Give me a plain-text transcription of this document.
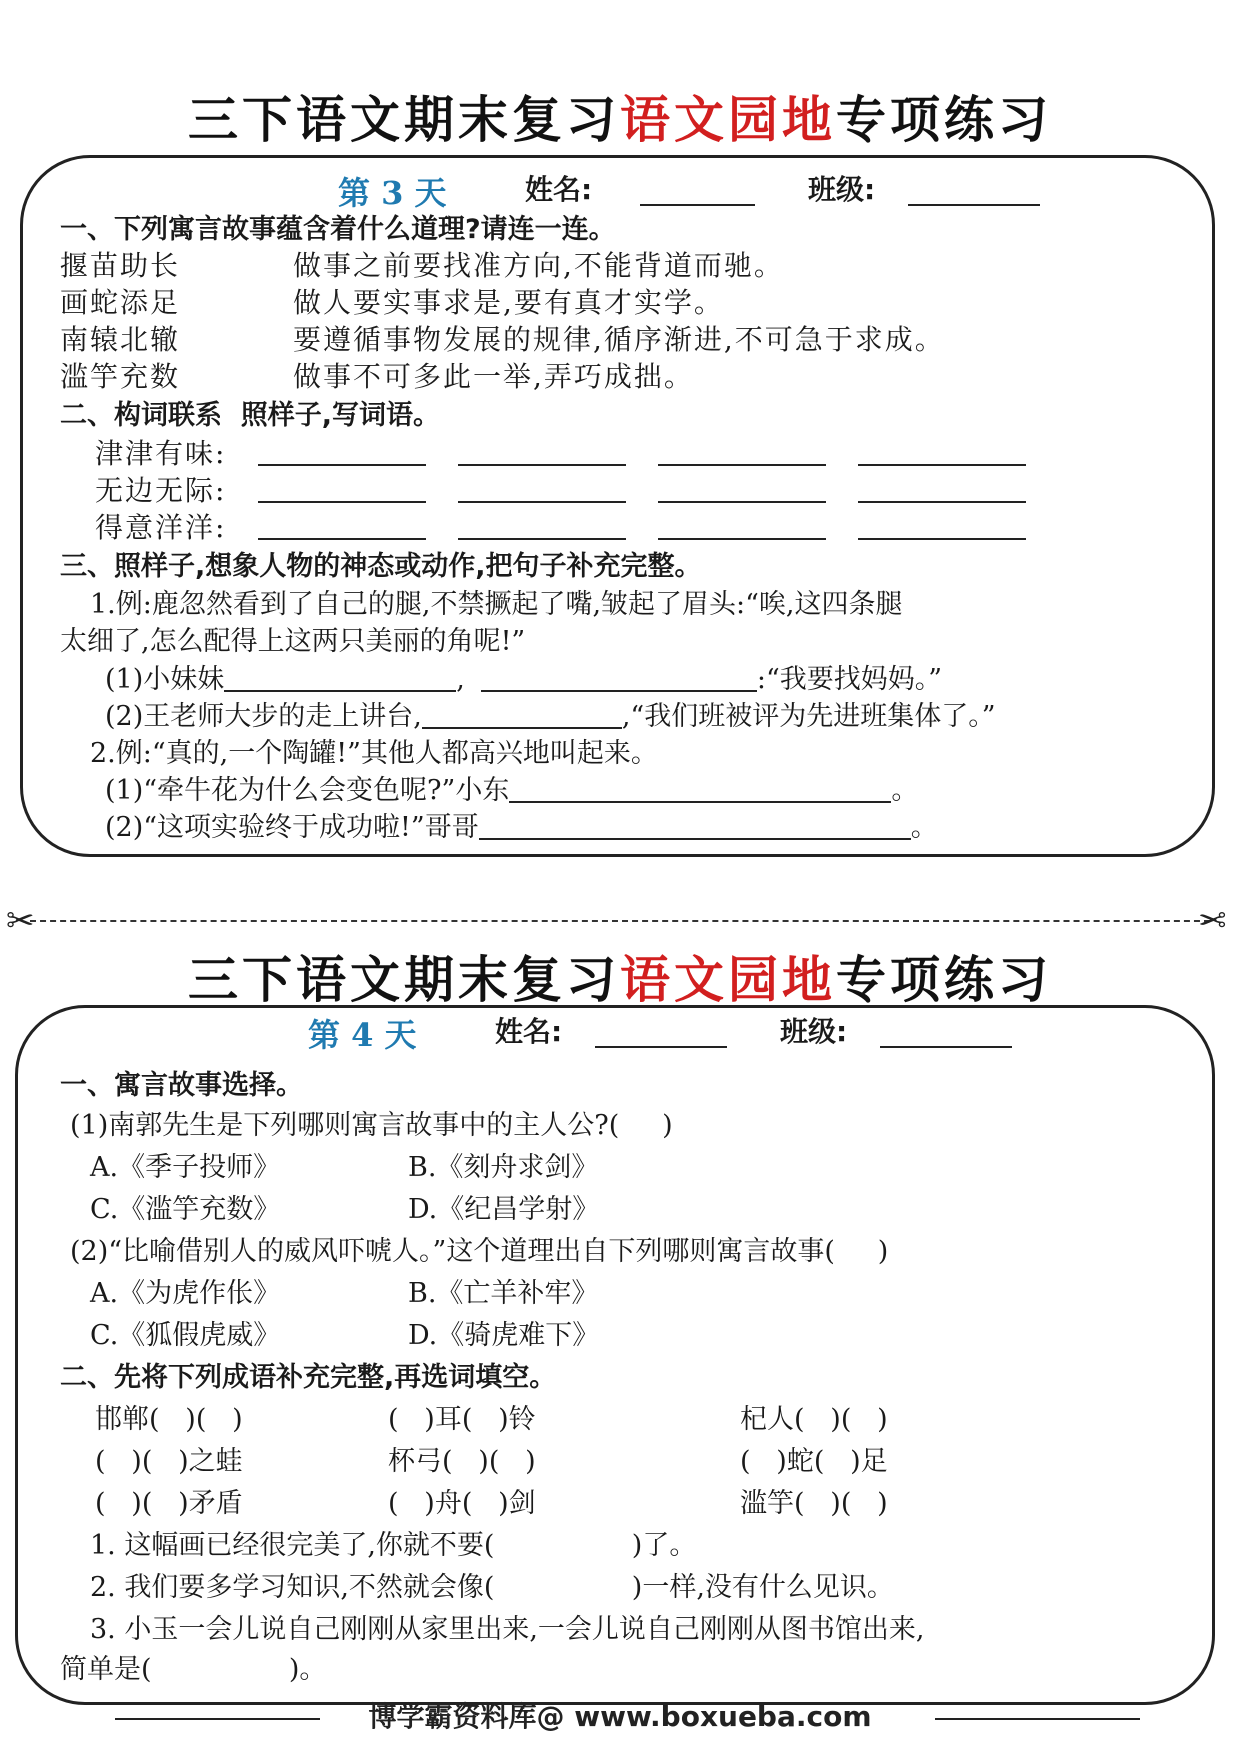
三下语文期末复习语文园地专项练习
第 3 天	姓名:	班级:
一、下列寓言故事蕴含着什么道理?请连一连。
揠苗助长	做事之前要找准方向,不能背道而驰。
画蛇添足	做人要实事求是,要有真才实学。
南辕北辙	要遵循事物发展的规律,循序渐进,不可急于求成。
滥竽充数	做事不可多此一举,弄巧成拙。
二、构词联系  照样子,写词语。
津津有味:
无边无际:
得意洋洋:
三、照样子,想象人物的神态或动作,把句子补充完整。
1.例:鹿忽然看到了自己的腿,不禁撅起了嘴,皱起了眉头:“唉,这四条腿
太细了,怎么配得上这两只美丽的角呢!”
(1)小妹妹	,	:“我要找妈妈。”
(2)王老师大步的走上讲台,	,“我们班被评为先进班集体了。”
2.例:“真的,一个陶罐!”其他人都高兴地叫起来。
(1)“牵牛花为什么会变色呢?”小东	。
(2)“这项实验终于成功啦!”哥哥	。
✂	✂
三下语文期末复习语文园地专项练习
第 4 天	姓名:	班级:
一、寓言故事选择。
(1)南郭先生是下列哪则寓言故事中的主人公?(     )
A.《季子投师》	B.《刻舟求剑》
C.《滥竽充数》	D.《纪昌学射》
(2)“比喻借别人的威风吓唬人。”这个道理出自下列哪则寓言故事(     )
A.《为虎作伥》	B.《亡羊补牢》
C.《狐假虎威》	D.《骑虎难下》
二、先将下列成语补充完整,再选词填空。
邯郸(   )(   )	(   )耳(   )铃	杞人(   )(   )
(   )(   )之蛙	杯弓(   )(   )	(   )蛇(   )足
(   )(   )矛盾	(   )舟(   )剑	滥竽(   )(   )
1. 这幅画已经很完美了,你就不要(                )了。
2. 我们要多学习知识,不然就会像(                )一样,没有什么见识。
3. 小玉一会儿说自己刚刚从家里出来,一会儿说自己刚刚从图书馆出来,
简单是(                )。
博学霸资料库@ www.boxueba.com
